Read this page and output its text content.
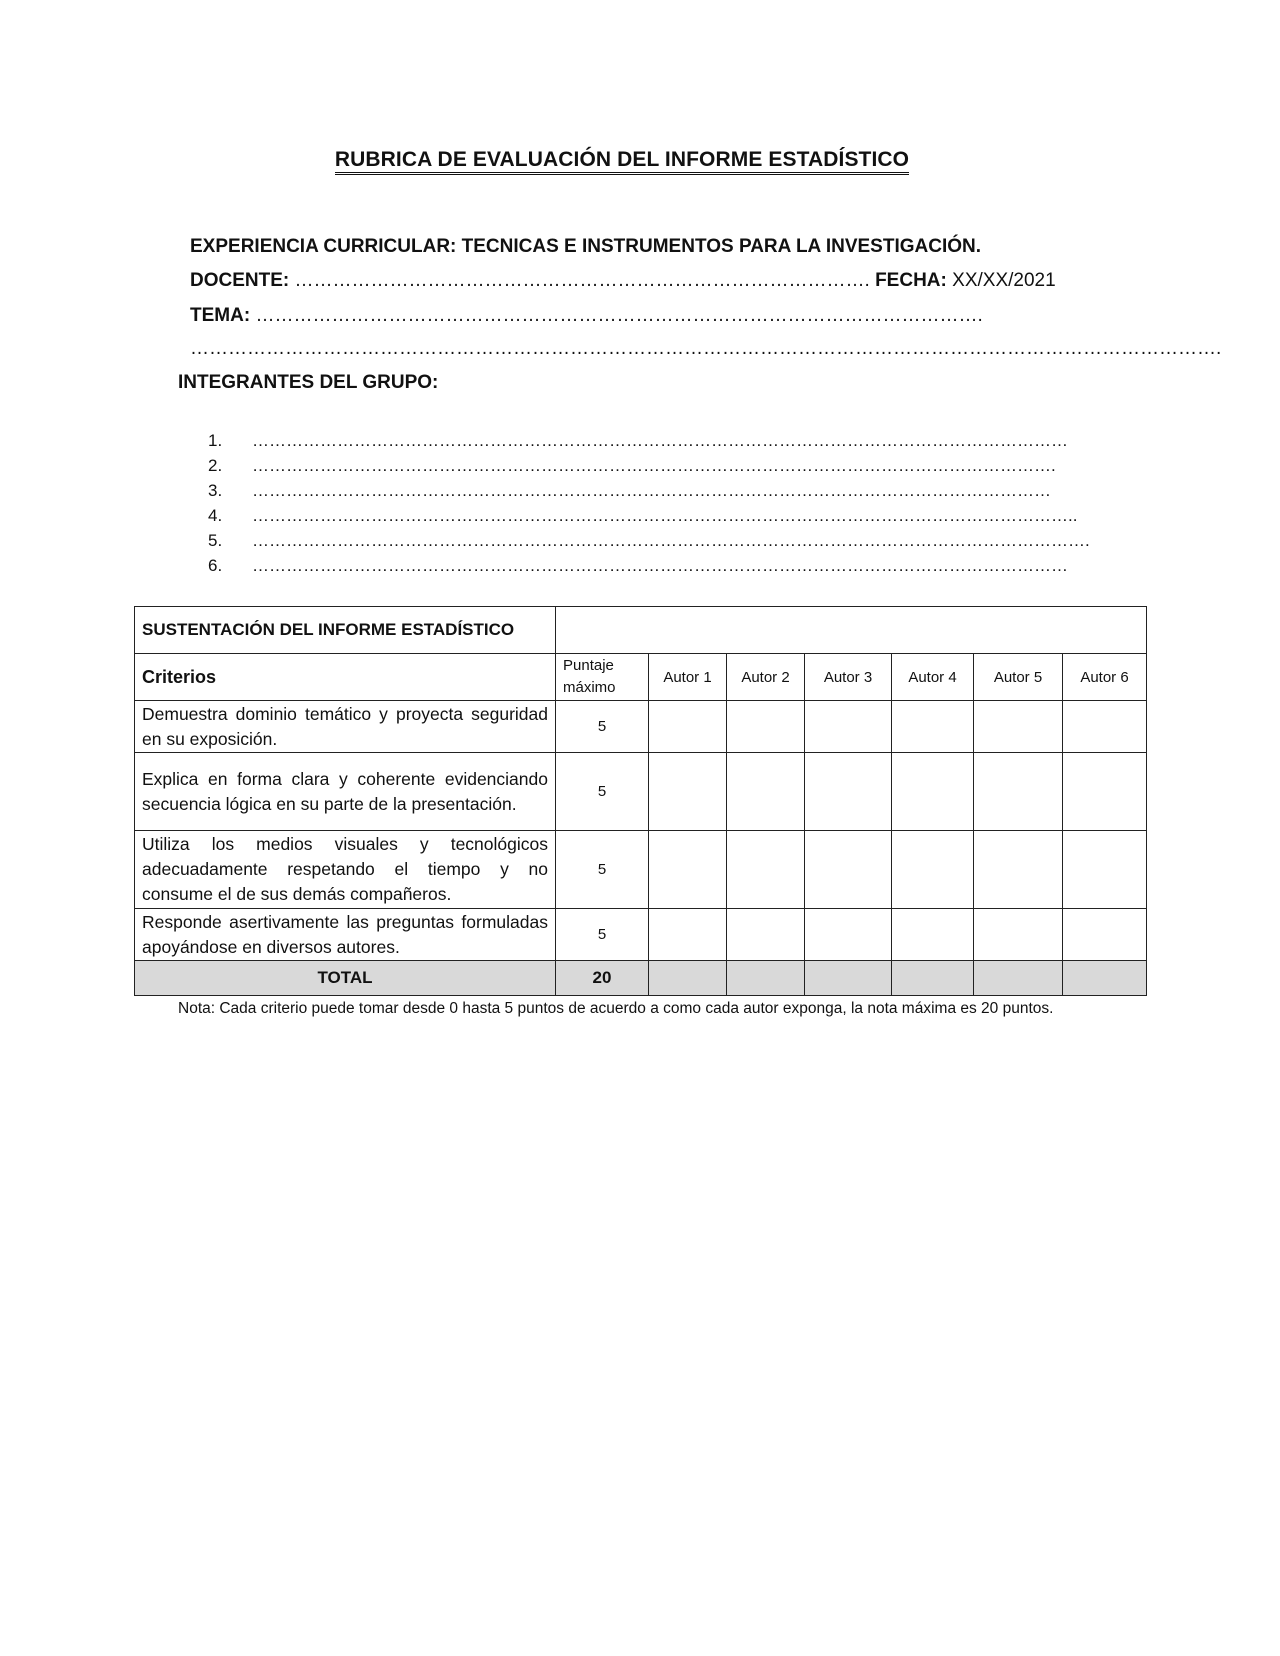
RUBRICA DE EVALUACIÓN DEL INFORME ESTADÍSTICO
EXPERIENCIA CURRICULAR: TECNICAS E INSTRUMENTOS PARA LA INVESTIGACIÓN.
DOCENTE: ………………………………………………………………………………. FECHA: XX/XX/2021
TEMA: …………………………………………………………………………………………………….
……………………………………………………………………………………………………………………………………………….
INTEGRANTES DEL GRUPO:
1.	………………………………………………………………………………………………………………………………
2.	…………………………………………………………………………………………………………………………….
3.	……………………………………………………………………………………………………………………………
4.	………………………………………………………………………………………………………………………………..
5.	………………………………………………………………………………………………………………………………….
6.	………………………………………………………………………………………………………………………………
SUSTENTACIÓN DEL INFORME ESTADÍSTICO							
Criterios	Puntaje máximo	Autor 1	Autor 2	Autor 3	Autor 4	Autor 5	Autor 6
Demuestra dominio temático y proyecta seguridad en su exposición.	5						
Explica en forma clara y coherente evidenciando secuencia lógica en su parte de la presentación.	5						
Utiliza los medios visuales y tecnológicos adecuadamente respetando el tiempo y no consume el de sus demás compañeros.	5						
Responde asertivamente las preguntas formuladas apoyándose en diversos autores.	5						
TOTAL	20						
Nota: Cada criterio puede tomar desde 0 hasta 5 puntos de acuerdo a como cada autor exponga, la nota máxima es 20 puntos.
